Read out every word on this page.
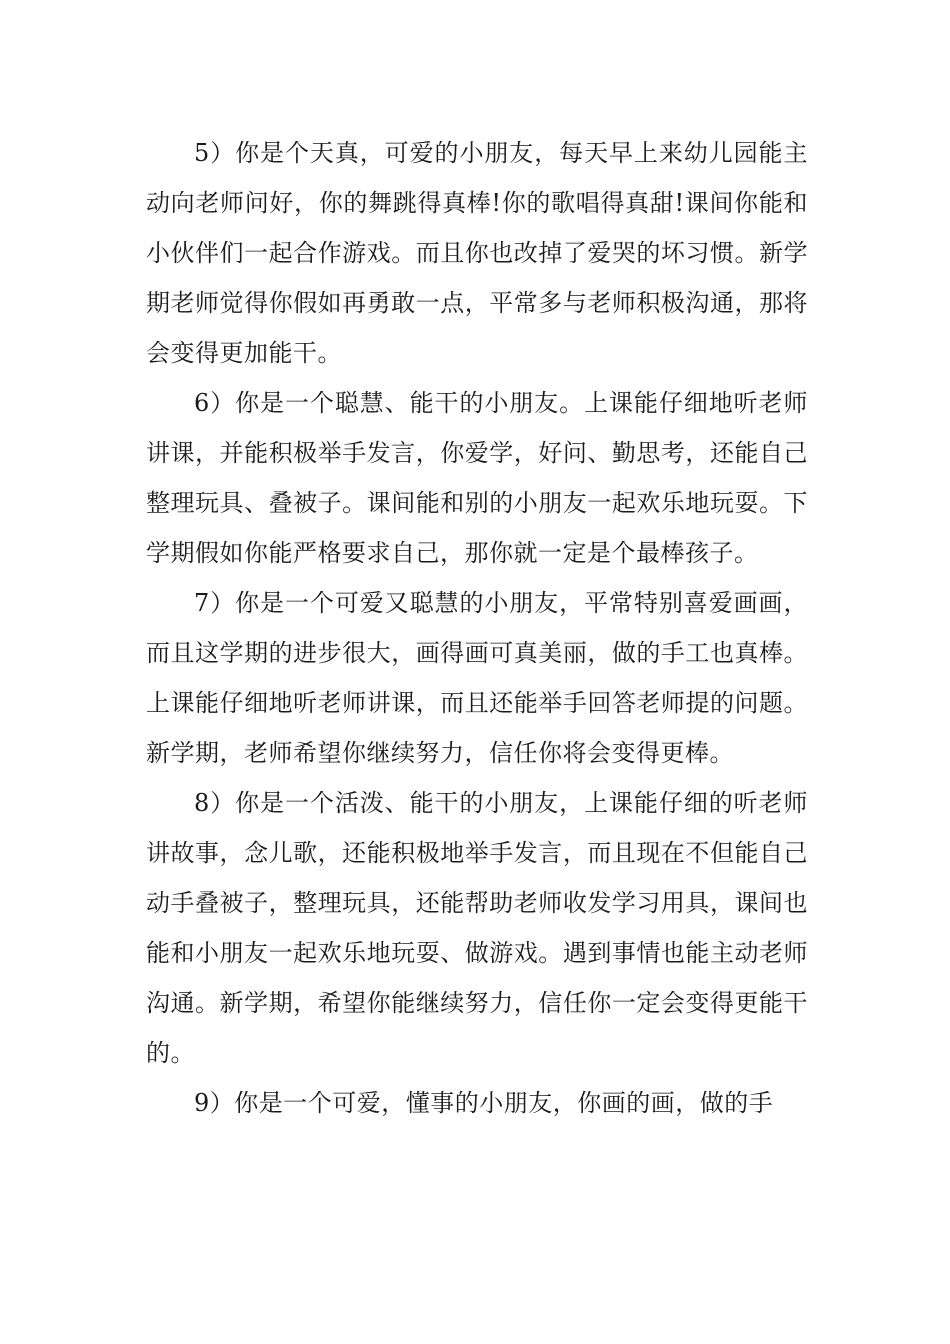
5）你是个天真，可爱的小朋友，每天早上来幼儿园能主动向老师问好，你的舞跳得真棒!你的歌唱得真甜!课间你能和小伙伴们一起合作游戏。而且你也改掉了爱哭的坏习惯。新学期老师觉得你假如再勇敢一点，平常多与老师积极沟通，那将会变得更加能干。

6）你是一个聪慧、能干的小朋友。上课能仔细地听老师讲课，并能积极举手发言，你爱学，好问、勤思考，还能自己整理玩具、叠被子。课间能和别的小朋友一起欢乐地玩耍。下学期假如你能严格要求自己，那你就一定是个最棒孩子。

7）你是一个可爱又聪慧的小朋友，平常特别喜爱画画，而且这学期的进步很大，画得画可真美丽，做的手工也真棒。上课能仔细地听老师讲课，而且还能举手回答老师提的问题。新学期，老师希望你继续努力，信任你将会变得更棒。

8）你是一个活泼、能干的小朋友，上课能仔细的听老师讲故事，念儿歌，还能积极地举手发言，而且现在不但能自己动手叠被子，整理玩具，还能帮助老师收发学习用具，课间也能和小朋友一起欢乐地玩耍、做游戏。遇到事情也能主动老师沟通。新学期，希望你能继续努力，信任你一定会变得更能干的。

9）你是一个可爱，懂事的小朋友，你画的画，做的手
